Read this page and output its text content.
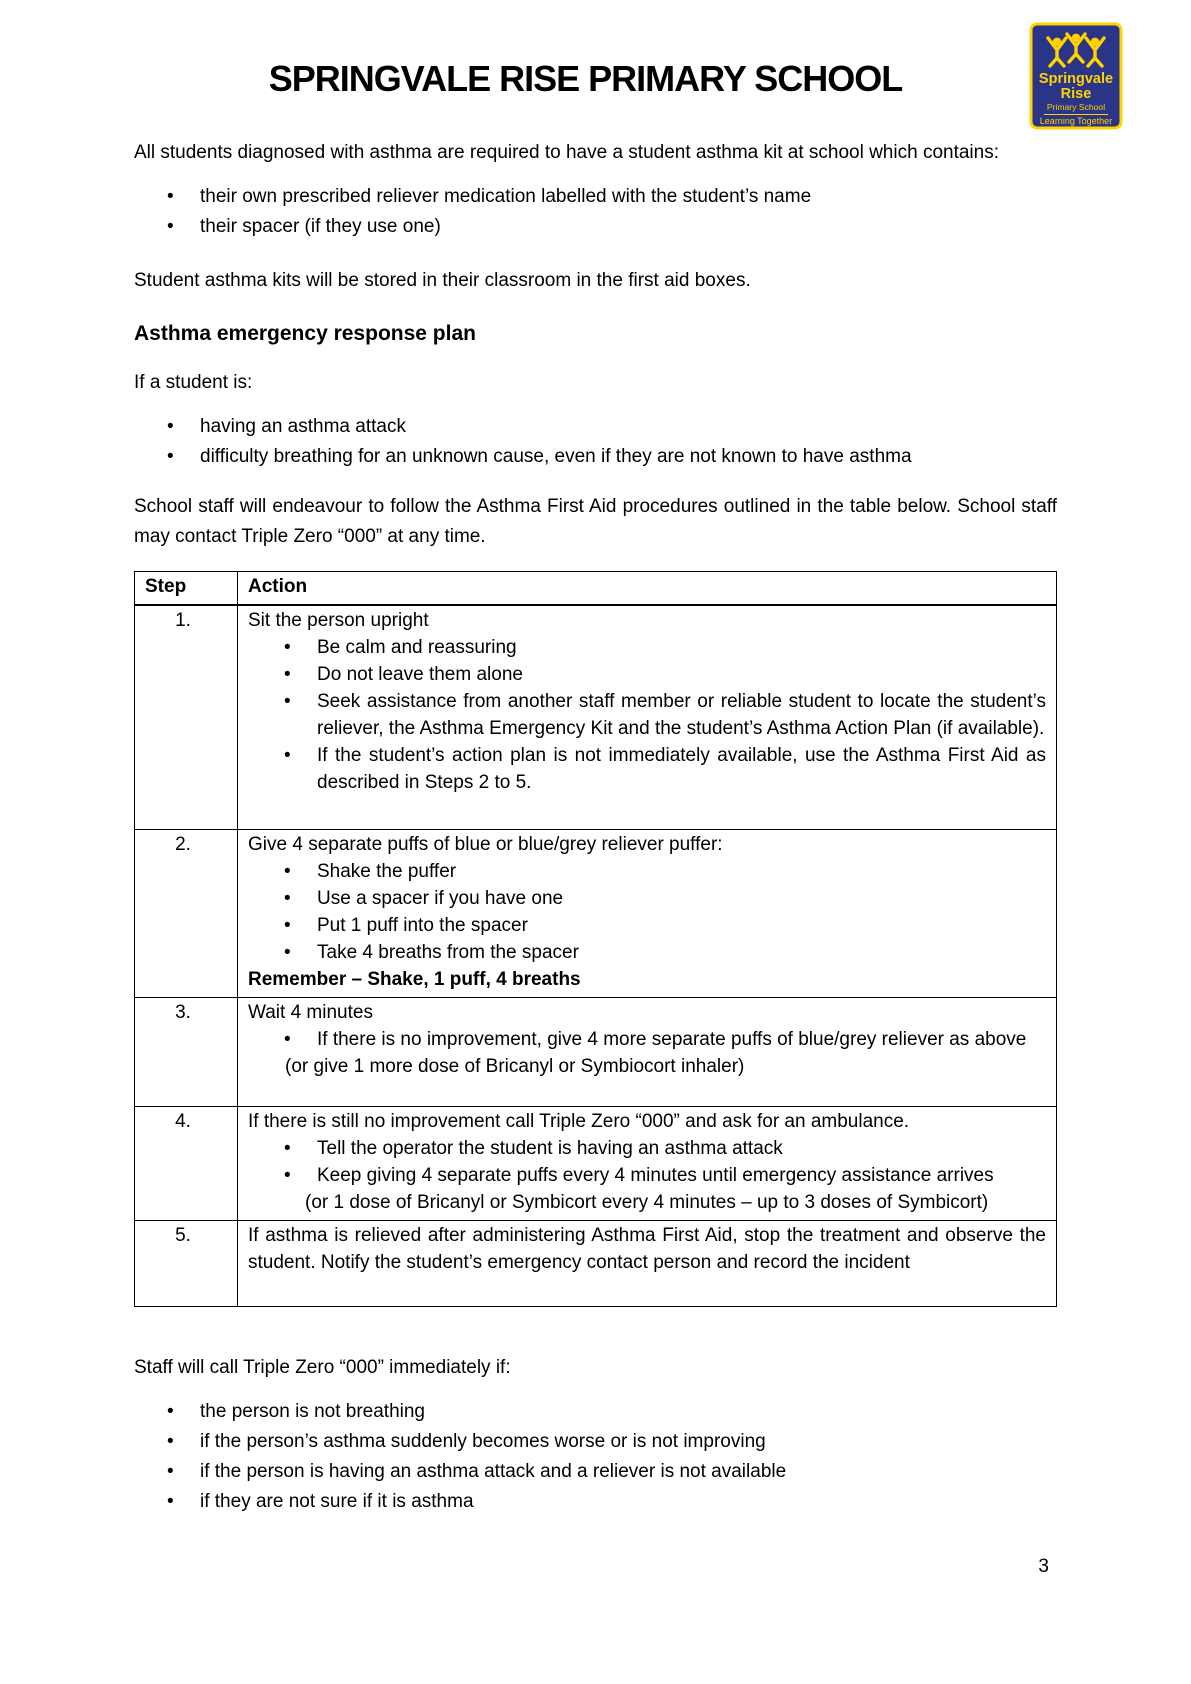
SPRINGVALE RISE PRIMARY SCHOOL

All students diagnosed with asthma are required to have a student asthma kit at school which contains:

•	their own prescribed reliever medication labelled with the student’s name
•	their spacer (if they use one)

Student asthma kits will be stored in their classroom in the first aid boxes.

Asthma emergency response plan

If a student is:

•	having an asthma attack
•	difficulty breathing for an unknown cause, even if they are not known to have asthma

School staff will endeavour to follow the Asthma First Aid procedures outlined in the table below. School staff may contact Triple Zero “000” at any time.

Step	Action
1.	Sit the person upright
•	Be calm and reassuring
•	Do not leave them alone
•	Seek assistance from another staff member or reliable student to locate the student’s reliever, the Asthma Emergency Kit and the student’s Asthma Action Plan (if available).
•	If the student’s action plan is not immediately available, use the Asthma First Aid as described in Steps 2 to 5.

2.	Give 4 separate puffs of blue or blue/grey reliever puffer:
•	Shake the puffer
•	Use a spacer if you have one
•	Put 1 puff into the spacer
•	Take 4 breaths from the spacer
Remember – Shake, 1 puff, 4 breaths

3.	Wait 4 minutes
• If there is no improvement, give 4 more separate puffs of blue/grey reliever as above
(or give 1 more dose of Bricanyl or Symbiocort inhaler)

4.	If there is still no improvement call Triple Zero “000” and ask for an ambulance.
•	Tell the operator the student is having an asthma attack
•	Keep giving 4 separate puffs every 4 minutes until emergency assistance arrives
(or 1 dose of Bricanyl or Symbicort every 4 minutes – up to 3 doses of Symbicort)

5.	If asthma is relieved after administering Asthma First Aid, stop the treatment and observe the student. Notify the student’s emergency contact person and record the incident

Staff will call Triple Zero “000” immediately if:

•	the person is not breathing
•	if the person’s asthma suddenly becomes worse or is not improving
•	if the person is having an asthma attack and a reliever is not available
•	if they are not sure if it is asthma
Springvale
Rise
Primary School
Learning Together
3
